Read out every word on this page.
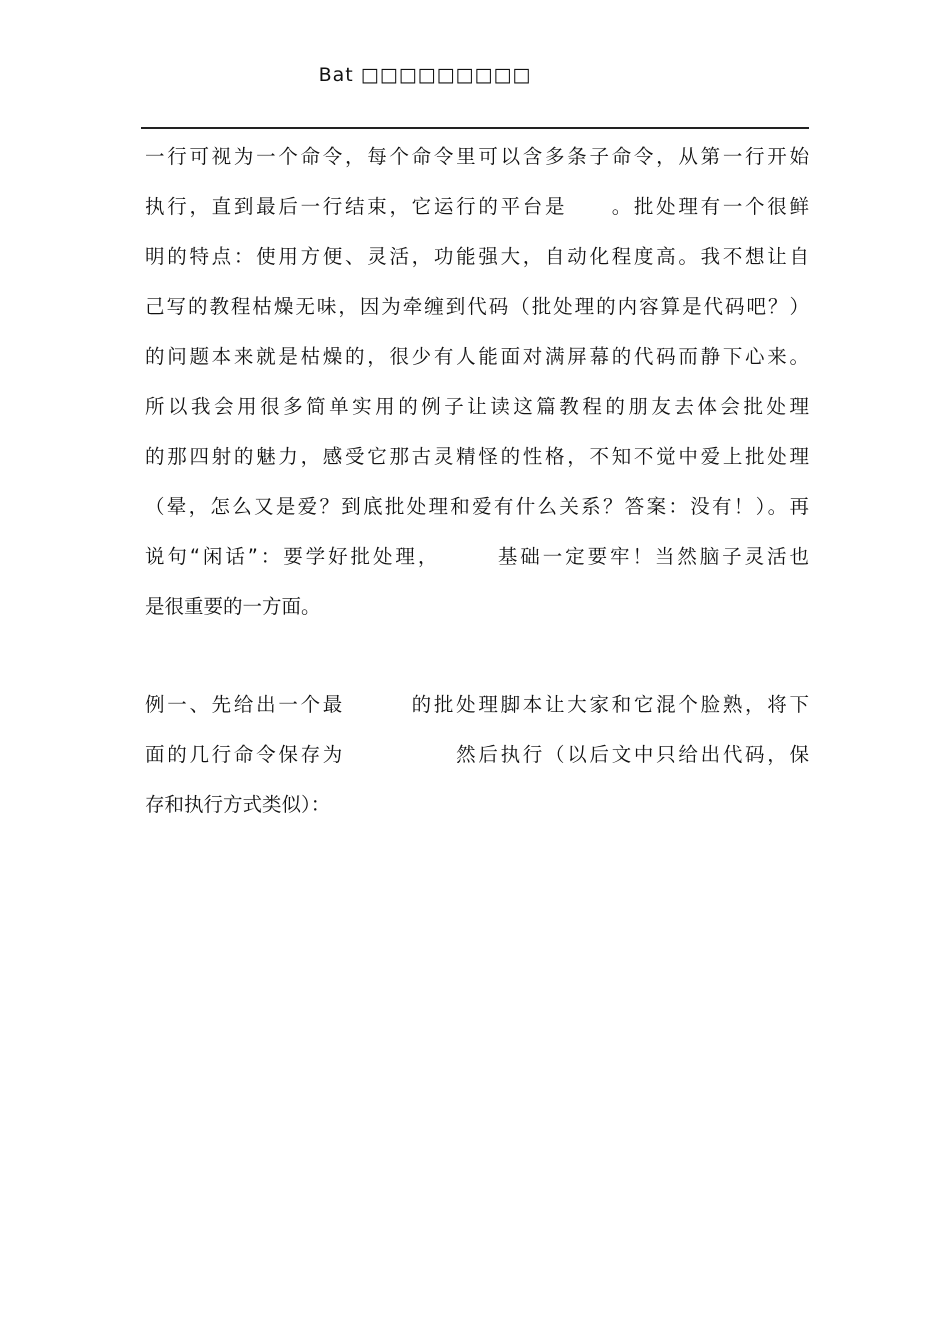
Bat □□□□□□□□□
一行可视为一个命令，每个命令里可以含多条子命令，从第一行开始
执行，直到最后一行结束，它运行的平台是　　。批处理有一个很鲜
明的特点：使用方便、灵活，功能强大，自动化程度高。我不想让自
己写的教程枯燥无味，因为牵缠到代码（批处理的内容算是代码吧？）
的问题本来就是枯燥的，很少有人能面对满屏幕的代码而静下心来。
所以我会用很多简单实用的例子让读这篇教程的朋友去体会批处理
的那四射的魅力，感受它那古灵精怪的性格，不知不觉中爱上批处理
（晕，怎么又是爱？到底批处理和爱有什么关系？答案：没有！）。再
说句“闲话”：要学好批处理，　　　基础一定要牢！当然脑子灵活也
是很重要的一方面。
例一、先给出一个最　　　的批处理脚本让大家和它混个脸熟，将下
面的几行命令保存为　　　　　然后执行（以后文中只给出代码，保
存和执行方式类似）：
